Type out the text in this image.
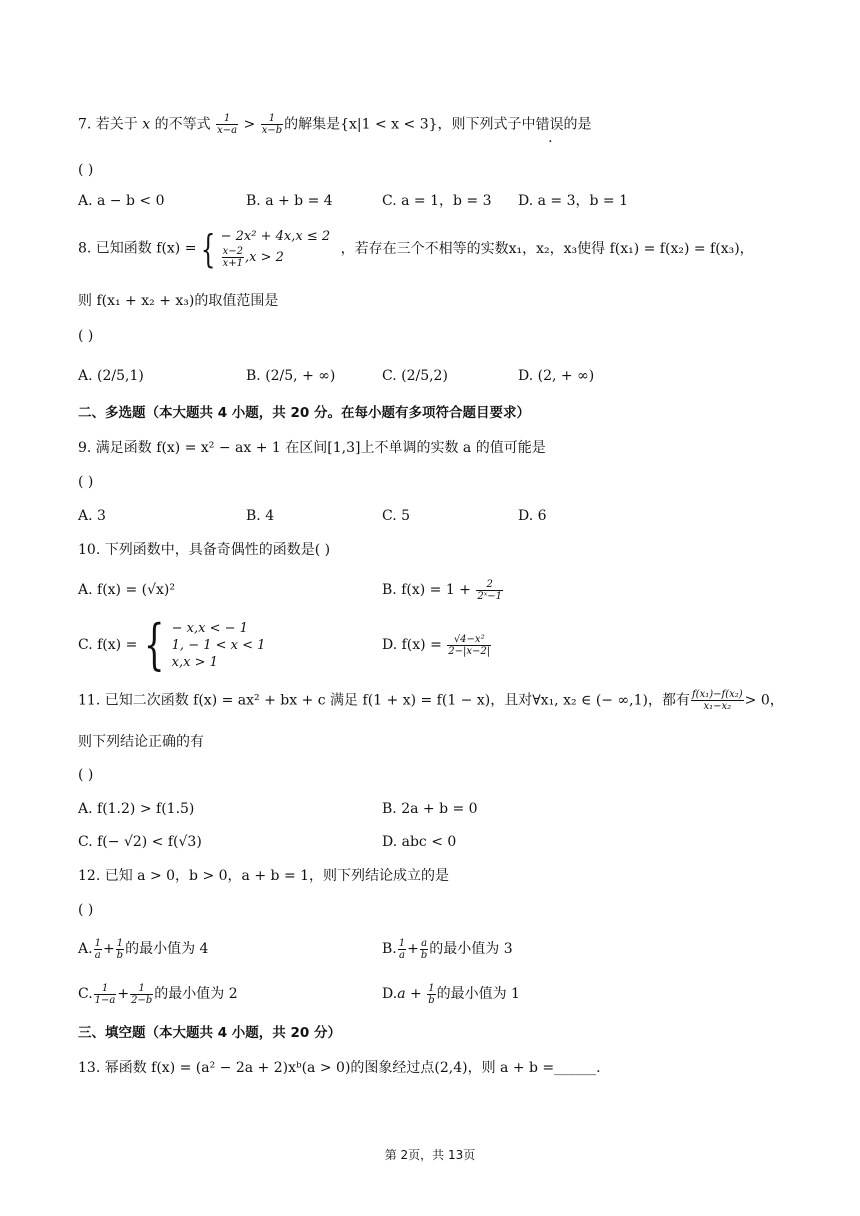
7. 若关于 x 的不等式 $\frac{1}{x-a} > \frac{1}{x-b}$ 的解集是{x|1 < x < 3}，则下列式子中错误的是
( )
A. a − b < 0	B. a + b = 4	C. a = 1，b = 3 D. a = 3，b = 1
8. 已知函数 f(x) = { − 2x² + 4x,x ≤ 2
$\frac{x-2}{x+1} ,x > 2$
，若存在三个不相等的实数x₁，x₂，x₃使得 f(x₁) = f(x₂) = f(x₃)，
则 f(x₁ + x₂ + x₃)的取值范围是
( )
A. (2/5,1)	B. (2/5, + ∞)	C. (2/5,2)	D. (2, + ∞)
二、多选题（本大题共 4 小题，共 20 分。在每小题有多项符合题目要求）
9. 满足函数 f(x) = x² − ax + 1 在区间[1,3]上不单调的实数 a 的值可能是
( )
A. 3	B. 4	C. 5	D. 6
10. 下列函数中，具备奇偶性的函数是( )
A. f(x) = (√x)²	B. $f(x) = 1 + \frac{2}{\text{2ˣ−1}}$
C. f(x) = { − x,x < − 1
1, − 1 < x < 1
x,x > 1
D. $f(x) = \frac{\text{√4−x²}}{2-|x-2|}$
11. 已知二次函数 f(x) = ax² + bx + c 满足 f(1 + x) = f(1 − x)，且对∀x₁, x₂ ∈ (− ∞,1)，都有 $\frac{\text{f(x₁)−f(x₂)}}{\text{x₁−x₂}} > 0$，
则下列结论正确的有
( )
A. f(1.2) > f(1.5)	B. 2a + b = 0
C. f(− √2) < f(√3)	D. abc < 0
12. 已知 a > 0，b > 0，a + b = 1，则下列结论成立的是
( )
A. $\frac{1}{a} + \frac{1}{b}$ 的最小值为 4	B. $\frac{1}{a} + \frac{a}{b}$ 的最小值为 3
C. $\frac{1}{1-a} + \frac{1}{2-b}$ 的最小值为 2	$D.a + \frac{1}{b}$ 的最小值为 1
三、填空题（本大题共 4 小题，共 20 分）
13. 幂函数 f(x) = (a² − 2a + 2)xᵇ(a > 0)的图象经过点(2,4)，则 a + b =______.
第 2页，共 13页
